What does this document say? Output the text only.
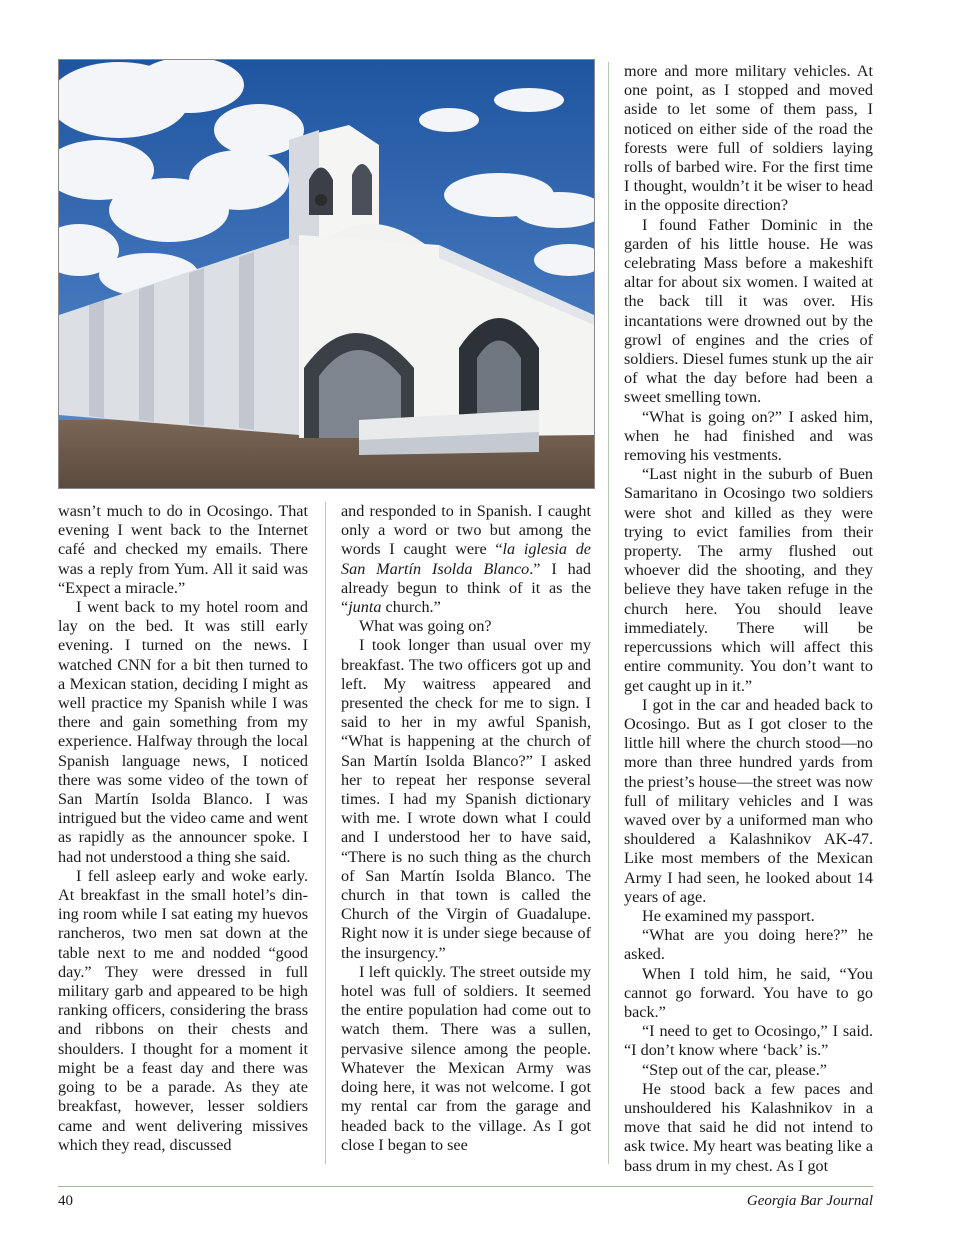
wasn’t much to do in Ocosingo. That evening I went back to the Internet café and checked my emails. There was a reply from Yum. All it said was “Expect a miracle.”

I went back to my hotel room and lay on the bed. It was still early evening. I turned on the news. I watched CNN for a bit then turned to a Mexican station, deciding I might as well practice my Spanish while I was there and gain something from my experience. Halfway through the local Spanish language news, I noticed there was some video of the town of San Martín Isolda Blanco. I was intrigued but the video came and went as rapidly as the announcer spoke. I had not understood a thing she said.

I fell asleep early and woke early. At breakfast in the small hotel’s dining room while I sat eating my huevos rancheros, two men sat down at the table next to me and nodded “good day.” They were dressed in full military garb and appeared to be high ranking officers, considering the brass and ribbons on their chests and shoulders. I thought for a moment it might be a feast day and there was going to be a parade. As they ate breakfast, however, lesser soldiers came and went delivering missives which they read, discussed

and responded to in Spanish. I caught only a word or two but among the words I caught were “la iglesia de San Martín Isolda Blanco.” I had already begun to think of it as the “junta church.”

What was going on?

I took longer than usual over my breakfast. The two officers got up and left. My waitress appeared and presented the check for me to sign. I said to her in my awful Spanish, “What is happening at the church of San Martín Isolda Blanco?” I asked her to repeat her response several times. I had my Spanish dictionary with me. I wrote down what I could and I understood her to have said, “There is no such thing as the church of San Martín Isolda Blanco. The church in that town is called the Church of the Virgin of Guadalupe. Right now it is under siege because of the insurgency.”

I left quickly. The street outside my hotel was full of soldiers. It seemed the entire population had come out to watch them. There was a sullen, pervasive silence among the people. Whatever the Mexican Army was doing here, it was not welcome. I got my rental car from the garage and headed back to the village. As I got close I began to see

more and more military vehicles. At one point, as I stopped and moved aside to let some of them pass, I noticed on either side of the road the forests were full of soldiers laying rolls of barbed wire. For the first time I thought, wouldn’t it be wiser to head in the opposite direction?

I found Father Dominic in the garden of his little house. He was celebrating Mass before a makeshift altar for about six women. I waited at the back till it was over. His incantations were drowned out by the growl of engines and the cries of soldiers. Diesel fumes stunk up the air of what the day before had been a sweet smelling town.

“What is going on?” I asked him, when he had finished and was removing his vestments.

“Last night in the suburb of Buen Samaritano in Ocosingo two soldiers were shot and killed as they were trying to evict families from their property. The army flushed out whoever did the shooting, and they believe they have taken refuge in the church here. You should leave immediately. There will be repercussions which will affect this entire community. You don’t want to get caught up in it.”

I got in the car and headed back to Ocosingo. But as I got closer to the little hill where the church stood—no more than three hundred yards from the priest’s house—the street was now full of military vehicles and I was waved over by a uniformed man who shouldered a Kalashnikov AK-47. Like most members of the Mexican Army I had seen, he looked about 14 years of age.

He examined my passport.

“What are you doing here?” he asked.

When I told him, he said, “You cannot go forward. You have to go back.”

“I need to get to Ocosingo,” I said. “I don’t know where ‘back’ is.”

“Step out of the car, please.”

He stood back a few paces and unshouldered his Kalashnikov in a move that said he did not intend to ask twice. My heart was beating like a bass drum in my chest. As I got

40	Georgia Bar Journal
